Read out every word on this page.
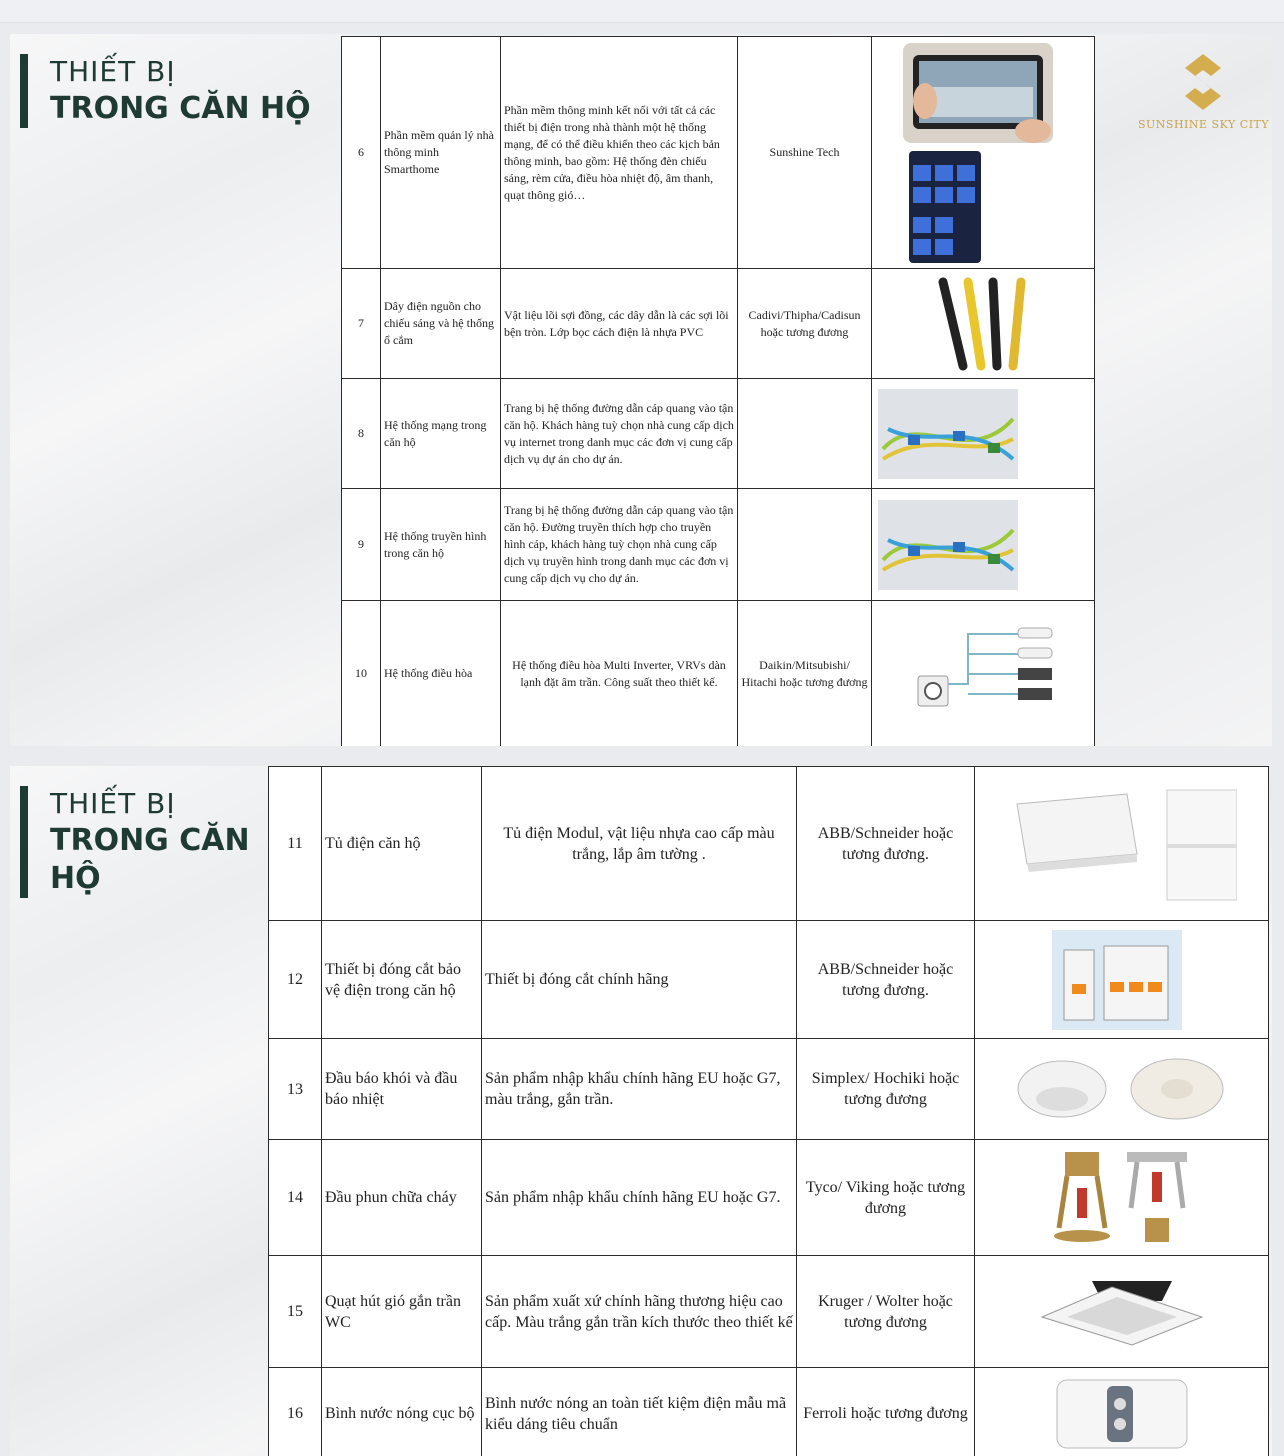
THIẾT BỊ
TRONG CĂN HỘ	SUNSHINE SKY CITY
6	Phần mềm quản lý nhà thông minh Smarthome	Phần mềm thông minh kết nối với tất cả các thiết bị điện trong nhà thành một hệ thống mạng, để có thể điều khiển theo các kịch bản thông minh, bao gồm: Hệ thống đèn chiếu sáng, rèm cửa, điều hòa nhiệt độ, âm thanh, quạt thông gió…	Sunshine Tech	

7	Dây điện nguồn cho chiếu sáng và hệ thống ổ cắm	Vật liệu lõi sợi đồng, các dây dẫn là các sợi lõi bện tròn. Lớp bọc cách điện là nhựa PVC	Cadivi/Thipha/Cadisun hoặc tương đương	

8	Hệ thống mạng trong căn hộ	Trang bị hệ thống đường dẫn cáp quang vào tận căn hộ. Khách hàng tuỳ chọn nhà cung cấp dịch vụ internet trong danh mục các đơn vị cung cấp dịch vụ dự án cho dự án.		

9	Hệ thống truyền hình trong căn hộ	Trang bị hệ thống đường dẫn cáp quang vào tận căn hộ. Đường truyền thích hợp cho truyền hình cáp, khách hàng tuỳ chọn nhà cung cấp dịch vụ truyền hình trong danh mục các đơn vị cung cấp dịch vụ cho dự án.		

10	Hệ thống điều hòa	Hệ thống điều hòa Multi Inverter, VRVs dàn lạnh đặt âm trần. Công suất theo thiết kế.	Daikin/Mitsubishi/ Hitachi hoặc tương đương	
THIẾT BỊ
TRONG CĂN HỘ
11	Tủ điện căn hộ	Tủ điện Modul, vật liệu nhựa cao cấp màu trắng, lắp âm tường .	ABB/Schneider hoặc tương đương.	

12	Thiết bị đóng cắt bảo vệ điện trong căn hộ	Thiết bị đóng cắt chính hãng	ABB/Schneider hoặc tương đương.	

13	Đầu báo khói và đầu báo nhiệt	Sản phẩm nhập khẩu chính hãng EU hoặc G7, màu trắng, gắn trần.	Simplex/ Hochiki hoặc tương đương	

14	Đầu phun chữa cháy	Sản phẩm nhập khẩu chính hãng EU hoặc G7.	Tyco/ Viking hoặc tương đương	

15	Quạt hút gió gắn trần WC	Sản phẩm xuất xứ chính hãng thương hiệu cao cấp. Màu trắng gắn trần kích thước theo thiết kế	Kruger / Wolter hoặc tương đương	

16	Bình nước nóng cục bộ	Bình nước nóng an toàn tiết kiệm điện mẫu mã kiểu dáng tiêu chuẩn	Ferroli hoặc tương đương	
